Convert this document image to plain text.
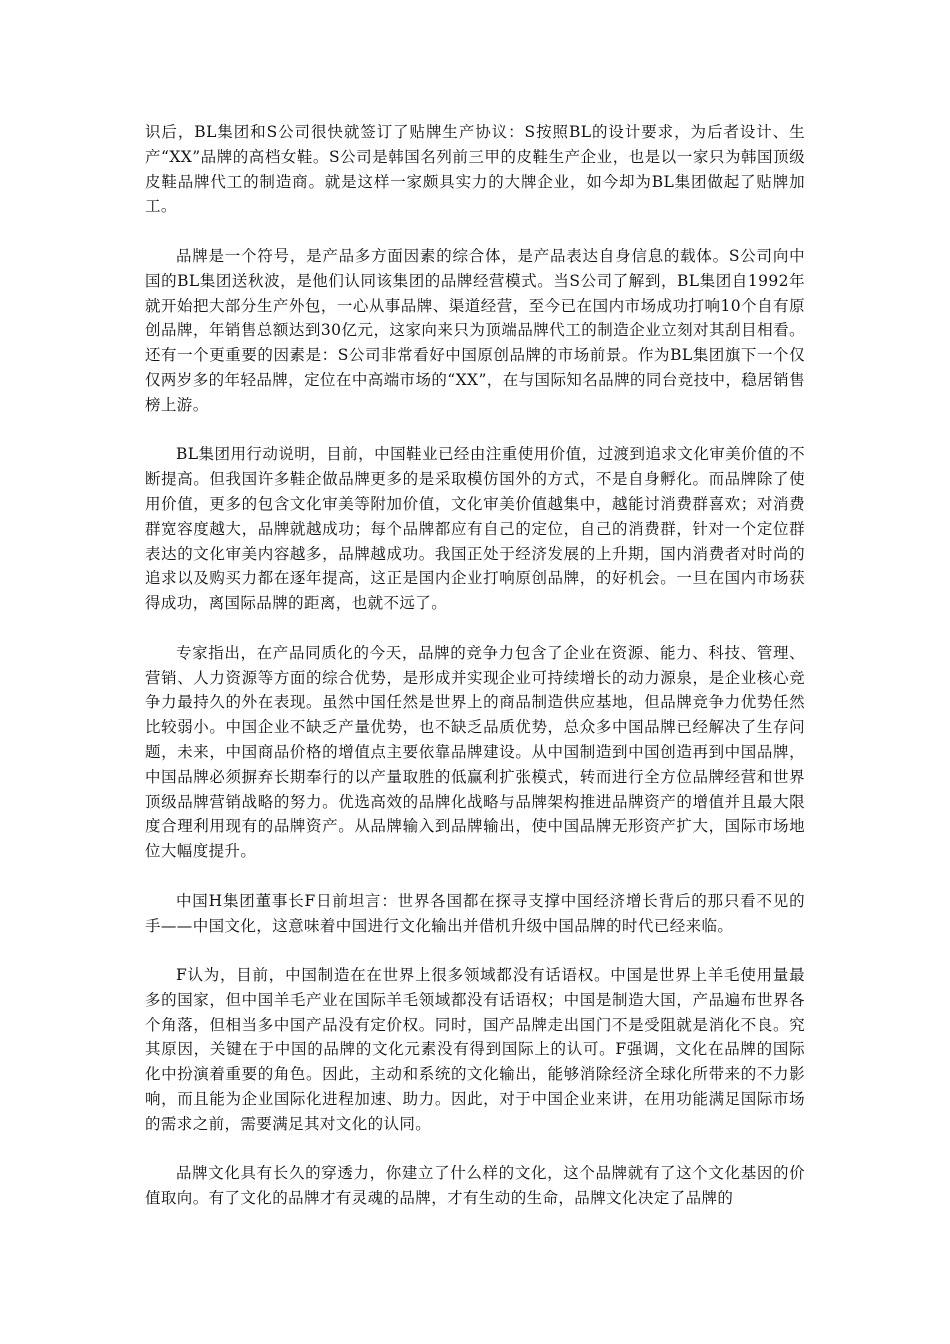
识后，BL集团和S公司很快就签订了贴牌生产协议：S按照BL的设计要求，为后者设计、生产“XX”品牌的高档女鞋。S公司是韩国名列前三甲的皮鞋生产企业，也是以一家只为韩国顶级皮鞋品牌代工的制造商。就是这样一家颇具实力的大牌企业，如今却为BL集团做起了贴牌加工。

品牌是一个符号，是产品多方面因素的综合体，是产品表达自身信息的载体。S公司向中国的BL集团送秋波，是他们认同该集团的品牌经营模式。当S公司了解到，BL集团自1992年就开始把大部分生产外包，一心从事品牌、渠道经营，至今已在国内市场成功打响10个自有原创品牌，年销售总额达到30亿元，这家向来只为顶端品牌代工的制造企业立刻对其刮目相看。还有一个更重要的因素是：S公司非常看好中国原创品牌的市场前景。作为BL集团旗下一个仅仅两岁多的年轻品牌，定位在中高端市场的“XX”，在与国际知名品牌的同台竞技中，稳居销售榜上游。

BL集团用行动说明，目前，中国鞋业已经由注重使用价值，过渡到追求文化审美价值的不断提高。但我国许多鞋企做品牌更多的是采取模仿国外的方式，不是自身孵化。而品牌除了使用价值，更多的包含文化审美等附加价值，文化审美价值越集中，越能讨消费群喜欢；对消费群宽容度越大，品牌就越成功；每个品牌都应有自己的定位，自己的消费群，针对一个定位群表达的文化审美内容越多，品牌越成功。我国正处于经济发展的上升期，国内消费者对时尚的追求以及购买力都在逐年提高，这正是国内企业打响原创品牌，的好机会。一旦在国内市场获得成功，离国际品牌的距离，也就不远了。

专家指出，在产品同质化的今天，品牌的竞争力包含了企业在资源、能力、科技、管理、营销、人力资源等方面的综合优势，是形成并实现企业可持续增长的动力源泉，是企业核心竞争力最持久的外在表现。虽然中国任然是世界上的商品制造供应基地，但品牌竞争力优势任然比较弱小。中国企业不缺乏产量优势，也不缺乏品质优势，总众多中国品牌已经解决了生存问题，未来，中国商品价格的增值点主要依靠品牌建设。从中国制造到中国创造再到中国品牌，中国品牌必须摒弃长期奉行的以产量取胜的低赢利扩张模式，转而进行全方位品牌经营和世界顶级品牌营销战略的努力。优选高效的品牌化战略与品牌架构推进品牌资产的增值并且最大限度合理利用现有的品牌资产。从品牌输入到品牌输出，使中国品牌无形资产扩大，国际市场地位大幅度提升。

中国H集团董事长F日前坦言：世界各国都在探寻支撑中国经济增长背后的那只看不见的手——中国文化，这意味着中国进行文化输出并借机升级中国品牌的时代已经来临。

F认为，目前，中国制造在在世界上很多领域都没有话语权。中国是世界上羊毛使用量最多的国家，但中国羊毛产业在国际羊毛领域都没有话语权；中国是制造大国，产品遍布世界各个角落，但相当多中国产品没有定价权。同时，国产品牌走出国门不是受阻就是消化不良。究其原因，关键在于中国的品牌的文化元素没有得到国际上的认可。F强调，文化在品牌的国际化中扮演着重要的角色。因此，主动和系统的文化输出，能够消除经济全球化所带来的不力影响，而且能为企业国际化进程加速、助力。因此，对于中国企业来讲，在用功能满足国际市场的需求之前，需要满足其对文化的认同。

品牌文化具有长久的穿透力，你建立了什么样的文化，这个品牌就有了这个文化基因的价值取向。有了文化的品牌才有灵魂的品牌，才有生动的生命，品牌文化决定了品牌的
